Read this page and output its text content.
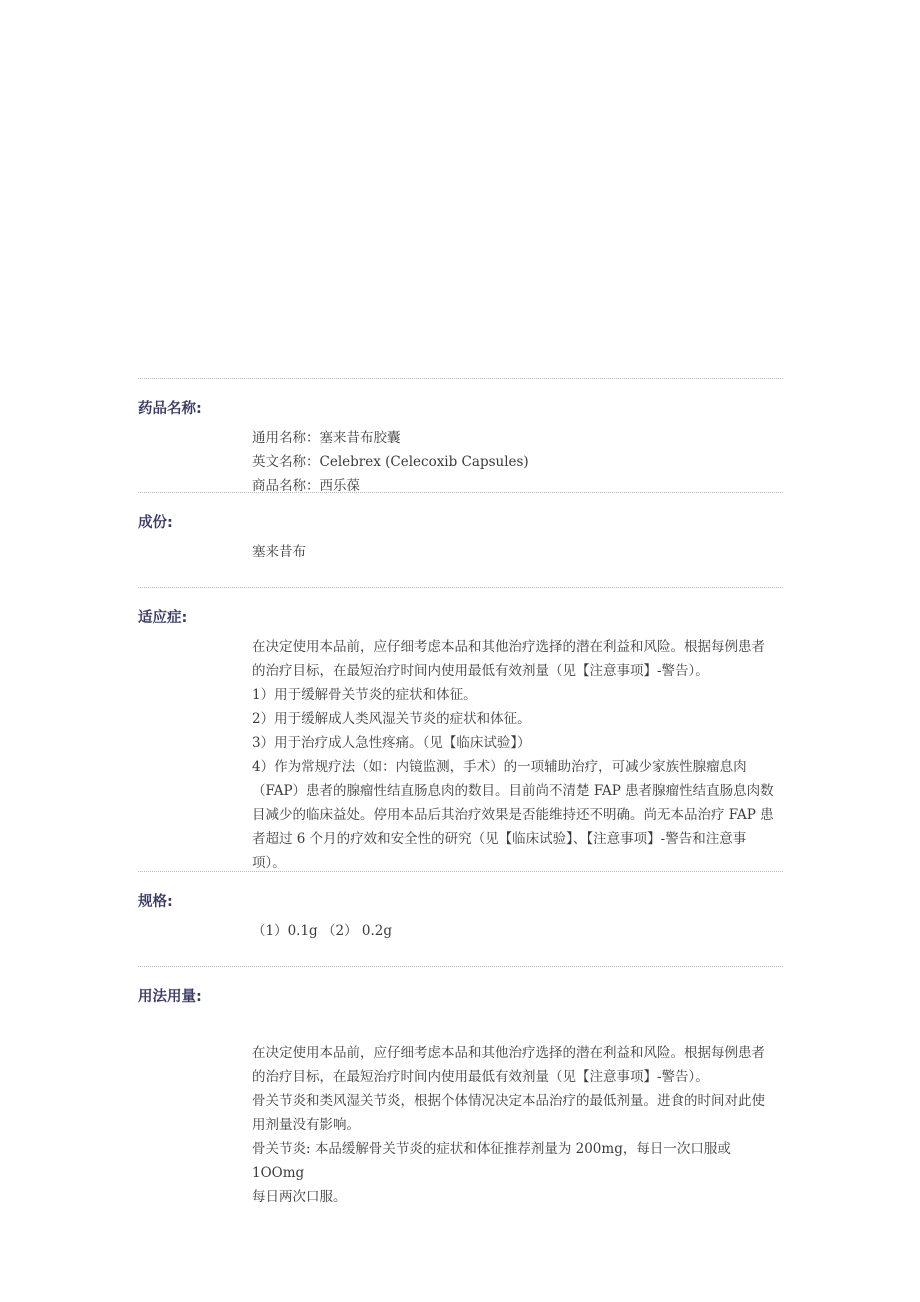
药品名称:

通用名称：塞来昔布胶囊

英文名称：Celebrex (Celecoxib Capsules)

商品名称：西乐葆

成份:

塞来昔布

适应症:

在决定使用本品前，应仔细考虑本品和其他治疗选择的潜在利益和风险。根据每例患者

的治疗目标，在最短治疗时间内使用最低有效剂量（见【注意事项】-警告）。

1）用于缓解骨关节炎的症状和体征。

2）用于缓解成人类风湿关节炎的症状和体征。

3）用于治疗成人急性疼痛。（见【临床试验】）

4）作为常规疗法（如：内镜监测，手术）的一项辅助治疗，可减少家族性腺瘤息肉

（FAP）患者的腺瘤性结直肠息肉的数目。目前尚不清楚 FAP 患者腺瘤性结直肠息肉数

目减少的临床益处。停用本品后其治疗效果是否能维持还不明确。尚无本品治疗 FAP 患

者超过 6 个月的疗效和安全性的研究（见【临床试验】、【注意事项】-警告和注意事

项）。

规格:

（1）0.1g （2） 0.2g

用法用量:

在决定使用本品前，应仔细考虑本品和其他治疗选择的潜在利益和风险。根据每例患者

的治疗目标，在最短治疗时间内使用最低有效剂量（见【注意事项】-警告）。

骨关节炎和类风湿关节炎，根据个体情况决定本品治疗的最低剂量。进食的时间对此使

用剂量没有影响。

骨关节炎: 本品缓解骨关节炎的症状和体征推荐剂量为 200mg，每日一次口服或 1OOmg

每日两次口服。
